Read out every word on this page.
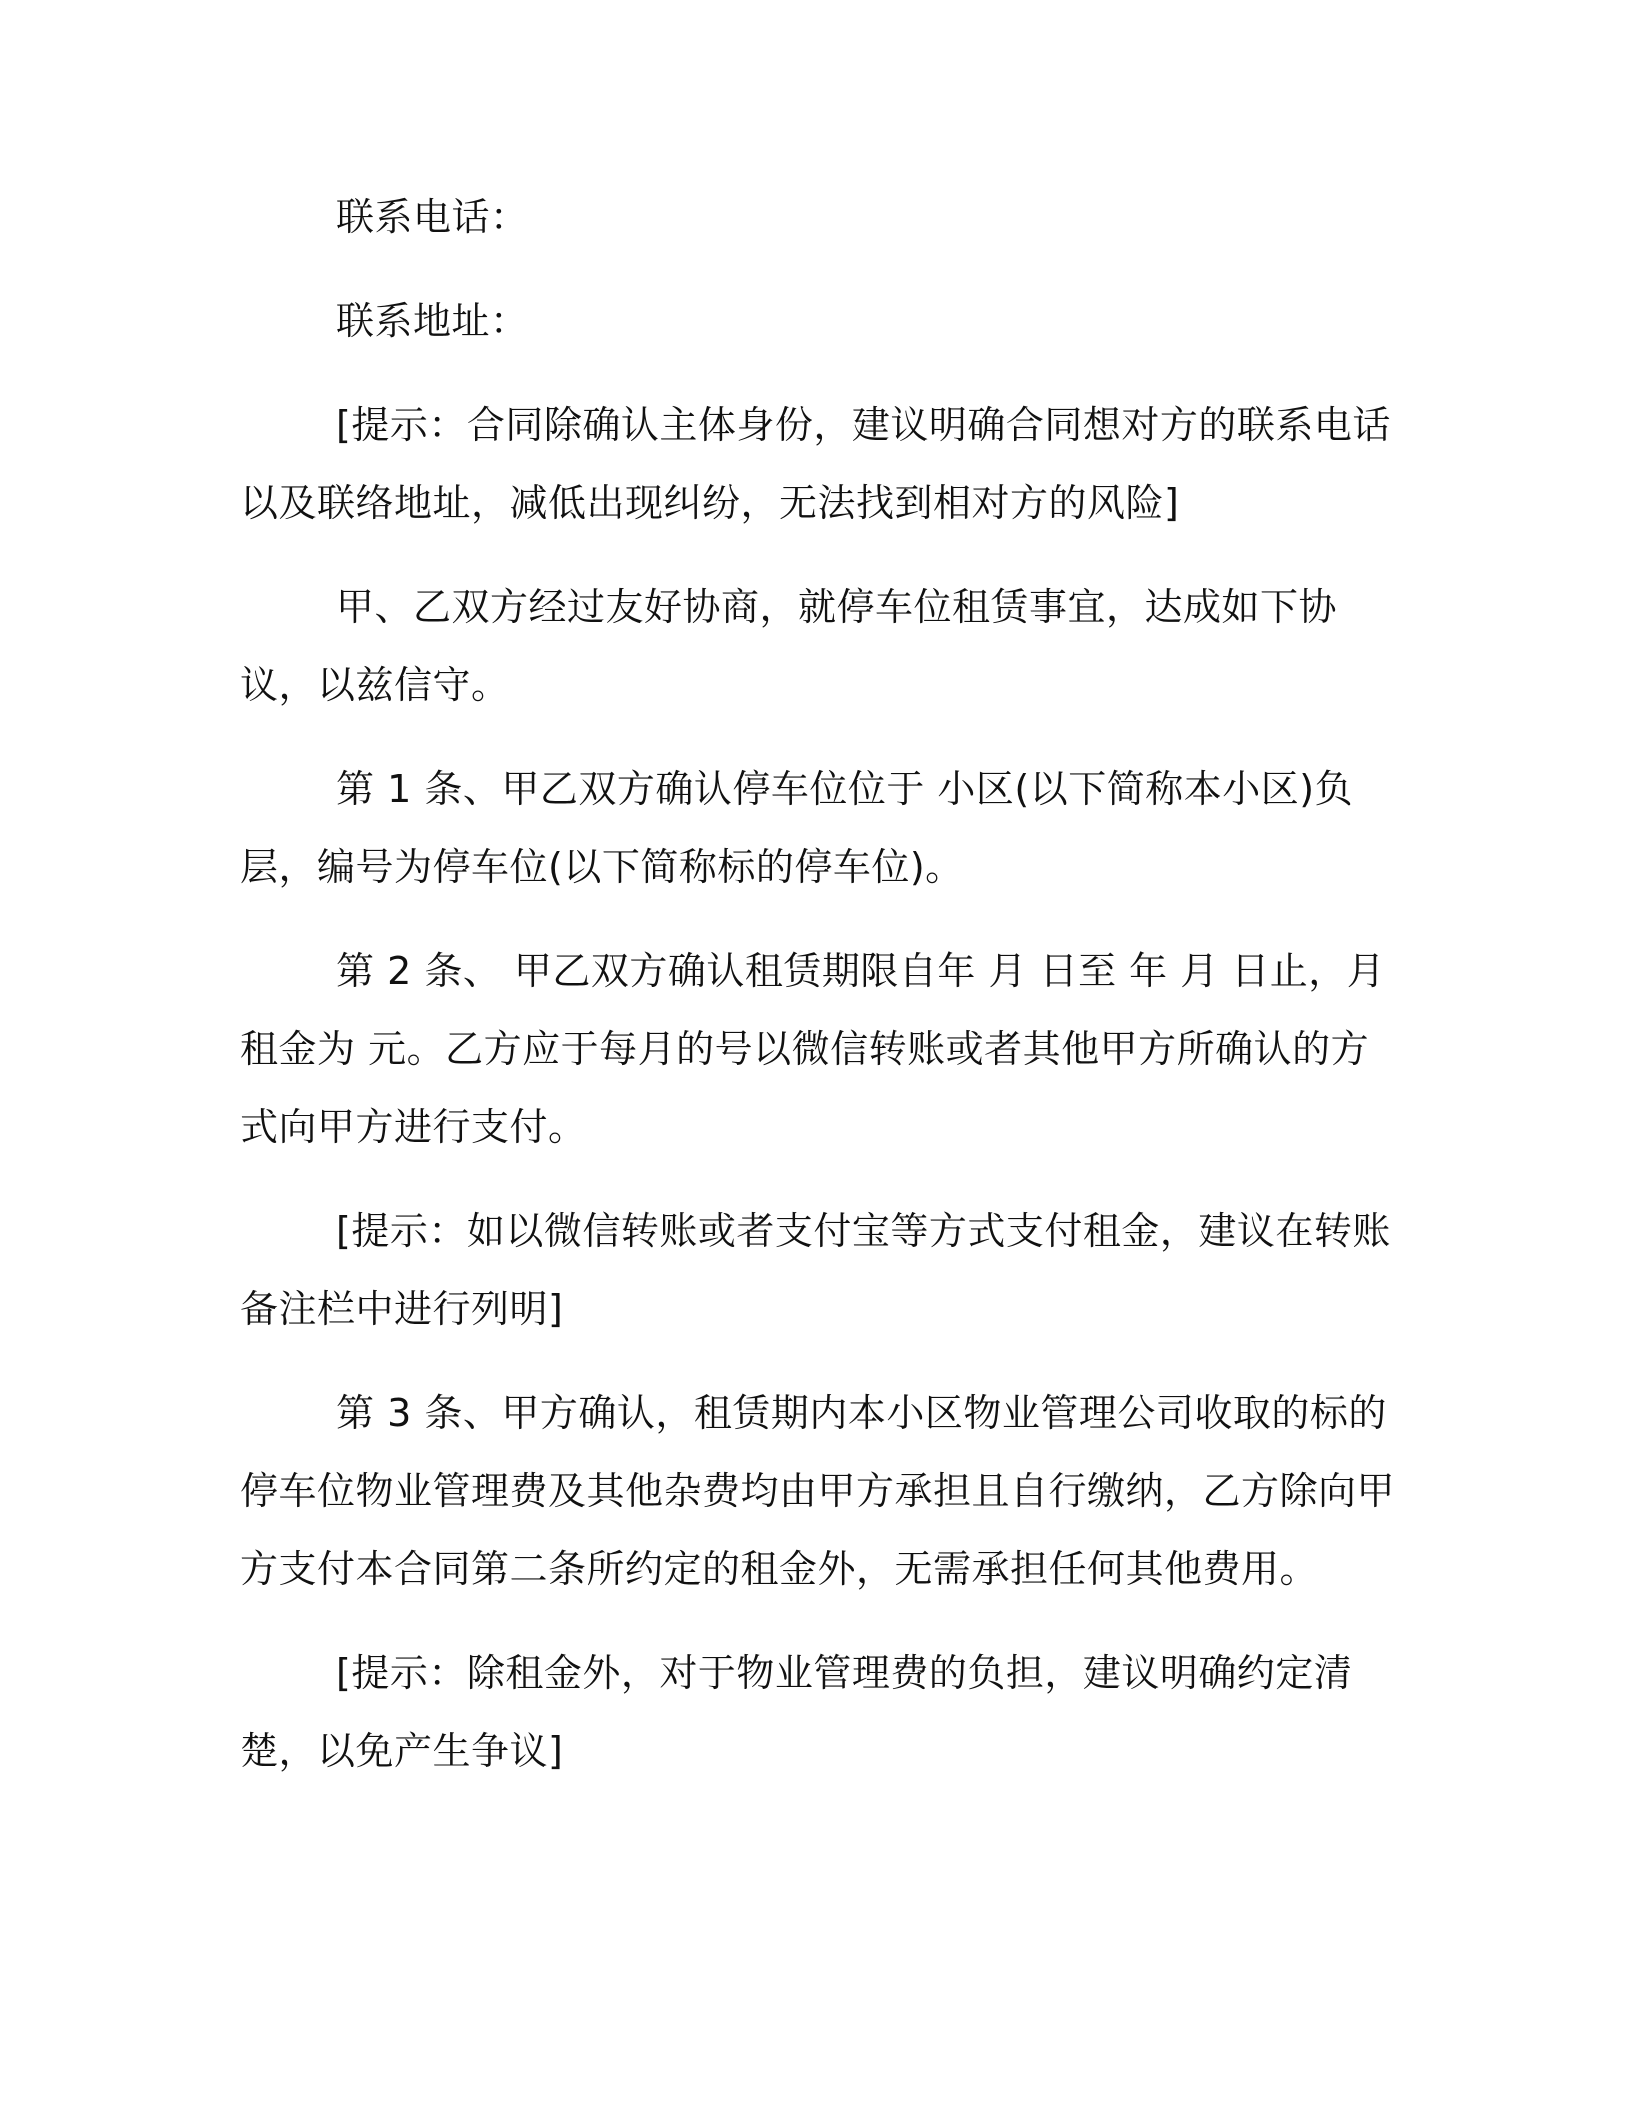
联系电话：

联系地址：

[提示：合同除确认主体身份，建议明确合同想对方的联系电话以及联络地址，减低出现纠纷，无法找到相对方的风险]

甲、乙双方经过友好协商，就停车位租赁事宜，达成如下协议，以兹信守。

第 1 条、甲乙双方确认停车位位于 小区(以下简称本小区)负 层，编号为停车位(以下简称标的停车位)。

第 2 条、 甲乙双方确认租赁期限自年 月 日至 年 月 日止，月租金为 元。乙方应于每月的号以微信转账或者其他甲方所确认的方式向甲方进行支付。

[提示：如以微信转账或者支付宝等方式支付租金，建议在转账备注栏中进行列明]

第 3 条、甲方确认，租赁期内本小区物业管理公司收取的标的停车位物业管理费及其他杂费均由甲方承担且自行缴纳，乙方除向甲方支付本合同第二条所约定的租金外，无需承担任何其他费用。

[提示：除租金外，对于物业管理费的负担，建议明确约定清楚，以免产生争议]
